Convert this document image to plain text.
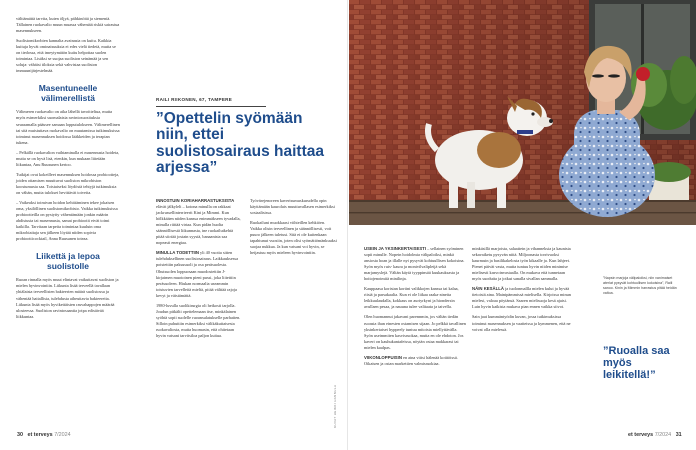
välttämättä tarvita, kuten öljyä, pähkinöitä ja siemeniä. Tällainen ruokavalio muun muassa vähentää riskiä sairastua masennukseen.

Suolistomikrobien kannalta avainasia on kuitu. Kaikkia kuituja hyvät ominaisuuksia ei edes vielä tiedetä, mutta se on tiedossa, että imeytymätön kuitu helpottaa suolen toimintaa. Lisäksi se suojaa suoliston seinämää ja sen soluja: vähäisi tiloksia sekä vahvistaa suoliston immuunijärjestelmää.

Masentuneelle välimerellistä

Välimeren ruokavalio on aika lähellä tavoitteltua, mutta myös esimerkiksi suomalaisia ravintosuosituksia seuraamalla päässee samaan lopputulokseen. Välimerellinen tai sitä muistuttava ruokavalio on muutamissa tutkimuksissa toiminut masennuksen hoidossa lääkkeiden ja terapian tukena.

– Pelkällä ruokavalion vaihtaminalla ei masennusta hoideta, mutta se on hyvä lisä, etenkin, kun mukaan liitetään liikuntaa, Anu Ruusunen kertoo.

Tutkijat ovat kokeilleet masennuksen hoidossa probiootteja, joiden ottamisen muuttuvat suoliston mikrobiston koostumusta saa. Toistaiseksi löydöstä tehtyjä tutkimuksia on vähän, mutta tulokset hevittävät toiveita.

– Vaikeaksi toimivan hoidon kehittäminen tekee jokaisen oma, yksilöllinen suolistomikrobisto. Vaikka tutkimuksissa probiootteilla on pystytty vähentämään jonkin määrin ahdistusta tai masennusta, samat probiootit eivät toimi kaikilla. Tarvitaan tarpeita toimintaa kuuluin oma mikrobiaitaja sen jälkeen löytää niiden sopivia probiootticocktail, Anna Ruusunen toteaa.

Liikettä ja lepoa suolistolle

Ruoan rinnalla myös muut elintavat vaikuttavat suoliston ja mielen hyvinvointiin. Liikunta lisää terveellä tavallaan yhtälaista terveellisten bakteerien määrä suolistossa ja vähentää haitallisia, tulehdusta aiheuttavia bakteereita. Liikunta lisää myös hyvikettäisten rasvahappojen määrää ulosteessa. Suoliston ravintosaantia jotpa edistävää liikkuntaa.

RAILI RIIKONEN, 67, TAMPERE
”Opettelin syömään niin, ettei suolistosairaus haittaa arjessa”

INNOSTUIN KORIAHARRASTUKSISTA elävät jälkyleli – kotona minulla on rakkaat jackrussellinterrieerit Kini ja Mimmi. Kun hölkkääen niiden kanssa enimmäkseen tyvadalla, minulla riittää virtaa. Kun pidän huolta säännöllisestä liikunnasta, ine ruokailutkehtä pitää siirtää jostain syystä, banaanista saa nopeasti energiaa.

MINULLA TODETTIIN yli 40 vuotta sitten tulehduksellinen suolistosairaus. Laikkauksessa poistettiin paksusuoli ja osa peräsuolesta. Ohutsuolen loppuosaan muodostettiin J- kirjaimen muotoinen pieni pussi, joka liitettiin peräsuoleen. Hiukan normaalia useammin toistuvien tarvelleitä mieltä, pitää välttää rajoja kevyt ja väistämättä.

1980-luvulla suolikirurgia oli heikosti tarjolla. Joudun pitkälti opettelemaan itse, minkälainen syöhtä sopii suolelle ruoansulatukselle parhaiten. Silloin puhuttiin esimerkiksi välikäkuttaisesta ruokavaliosta, mutta huomasin, että ohitetaan hyvin vatsani tarvitsiloa paljon kuitua.

Työvärejenoreen kaverisumuskurudella opin käyttämään kaurolais muuttuvallasen esimerkiksi sosiaalisissa.

Ruokailuni muokkaasi viihteillen kehkiöen. Vaikka olisin terveellinen ja säännöllisesti, voit puuro jälkeen tuletusi. Sitä ei ole kuitenkaan tapahtunut vuosiin, joten olisi syömättömänkuuksi suojaa nukkua. Ja kun vatsani voi hyvin, se heijastuu myös mieleen hyvinvointiin.

KUVAT HEIKKI HANNULA
30 et terveys 7/2024

USEIN JA YKSINKERTAISESTI – sellainen syöminen sopii minulle. Nopein hoidolmia välipaloiksi, minkä ansiosta hoan ja illalle nyt pysyvät kohtuullisen kokoisina. Syön myös ruis- kaura ja monivilvalipleijä sekä marjamyslejä. Vältän käytä tyyppinsää kuukauksasta ja hoitojenoimiiä minilinja.

Kauppaasa koristan kortini valikkojen kanssa tai kalaa, riisiä ja parsakaalia. Kun ei ole liikaa raaka-aineita leikkuulaudalla, kokkaus on aurtyrkyni ja hiondersin avullaen pesaa, ja nauuna tulee valitaata ja taivella.

Olen huomannut jakavani parennmin, jos vältän tiedän ruoasta ihan einesten ostamisen sijaan. Jo pelkkä tavallinen yksinkertaiset hyppeely tuntuu mitoista miellyttävälla. Syön useimmiten kasvisruokaa, mutta en ole ehdoton. Jos kaveri on kauhukantafeissa, nöytän ostaa makkarasi tai mielen kaalpas.

VIIKONLOPPUISIN en aina viitsi hälenää kotitöissä. Oikaisen ja ostan markettien valmisruokiaa.

minkäsillä marjoista, salaattein ja vihanneksia ja kaunista sekavaiketu pysyvän niitä. Miljoonasta torrivuoksi kaurmuin ja basilikakelosta työn kikaalle ja. Kun lahjeet. Pienet päivät vasta, mutta tuntuu hyvin niiden minimise mielisesti kasvoinvastaalla. On mukava että tunnetaan myös suodutta ja jotkut sanalla sivallan sammalla.

NÄIN KESÄLLÄ ja tuolonmallla mielen kulut ja hyvää tietoistä aina. Mainipämmissä mielisella. Kirjoissa minun mielesi, valoaa pöytänsä. Saaren mielisuoja kesä ajaisi. Luin hyvin kaikista mukava pian ennen vaikka siivot.

Sain jaat kummäntyödin kuvan, jossa tutkimuksissa toiminut masennuksen ja vaatteissa ja kymmenen, että ne voivat olla mielessä.

”Napsin marjoja välipaloiksi, niin vanimaiset aterlat pysyvät kohtuullisen kokoisina”, Raili sanoo. Kinin ja Mimmin harrastus pitää heidän valtoa.
”Ruoalla saa myös leikitellä!”
et terveys 7/2024 31
